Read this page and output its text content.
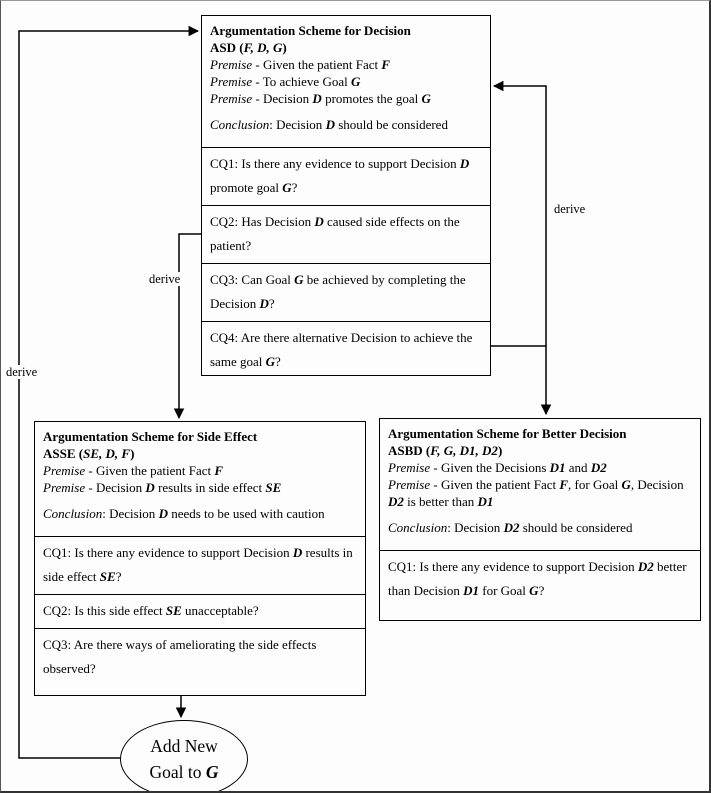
Argumentation Scheme for Decision
ASD (F, D, G)
Premise - Given the patient Fact F
Premise - To achieve Goal G
Premise - Decision D promotes the goal G
Conclusion: Decision D should be considered
CQ1: Is there any evidence to support Decision D promote goal G?
CQ2: Has Decision D caused side effects on the patient?
CQ3: Can Goal G be achieved by completing the Decision D?
CQ4: Are there alternative Decision to achieve the same goal G?
Argumentation Scheme for Side Effect
ASSE (SE, D, F)
Premise - Given the patient Fact F
Premise - Decision D results in side effect SE
Conclusion: Decision D needs to be used with caution
CQ1: Is there any evidence to support Decision D results in side effect SE?
CQ2: Is this side effect SE unacceptable?
CQ3: Are there ways of ameliorating the side effects observed?
Argumentation Scheme for Better Decision
ASBD (F, G, D1, D2)
Premise - Given the Decisions D1 and D2
Premise - Given the patient Fact F, for Goal G, Decision D2 is better than D1
Conclusion: Decision D2 should be considered
CQ1: Is there any evidence to support Decision D2 better than Decision D1 for Goal G?
Add New Goal to G
derive
derive
derive
